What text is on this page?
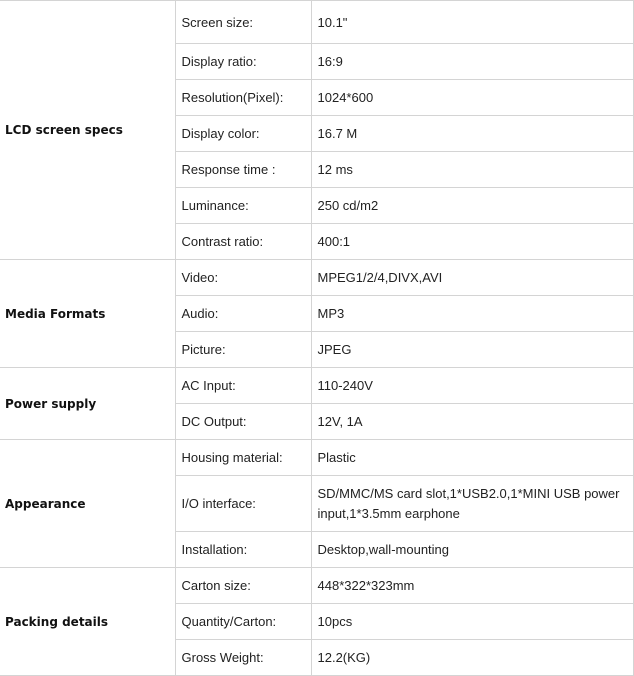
LCD screen specs	Screen size:	10.1"
	Display ratio:	16:9
	Resolution(Pixel):	1024*600
	Display color:	16.7 M
	Response time :	12 ms
	Luminance:	250 cd/m2
	Contrast ratio:	400:1
Media Formats	Video:	MPEG1/2/4,DIVX,AVI
	Audio:	MP3
	Picture:	JPEG
Power supply	AC Input:	110-240V
	DC Output:	12V, 1A
Appearance	Housing material:	Plastic
	I/O interface:	SD/MMC/MS card slot,1*USB2.0,1*MINI USB power input,1*3.5mm earphone
	Installation:	Desktop,wall-mounting
Packing details	Carton size:	448*322*323mm
	Quantity/Carton:	10pcs
	Gross Weight:	12.2(KG)
